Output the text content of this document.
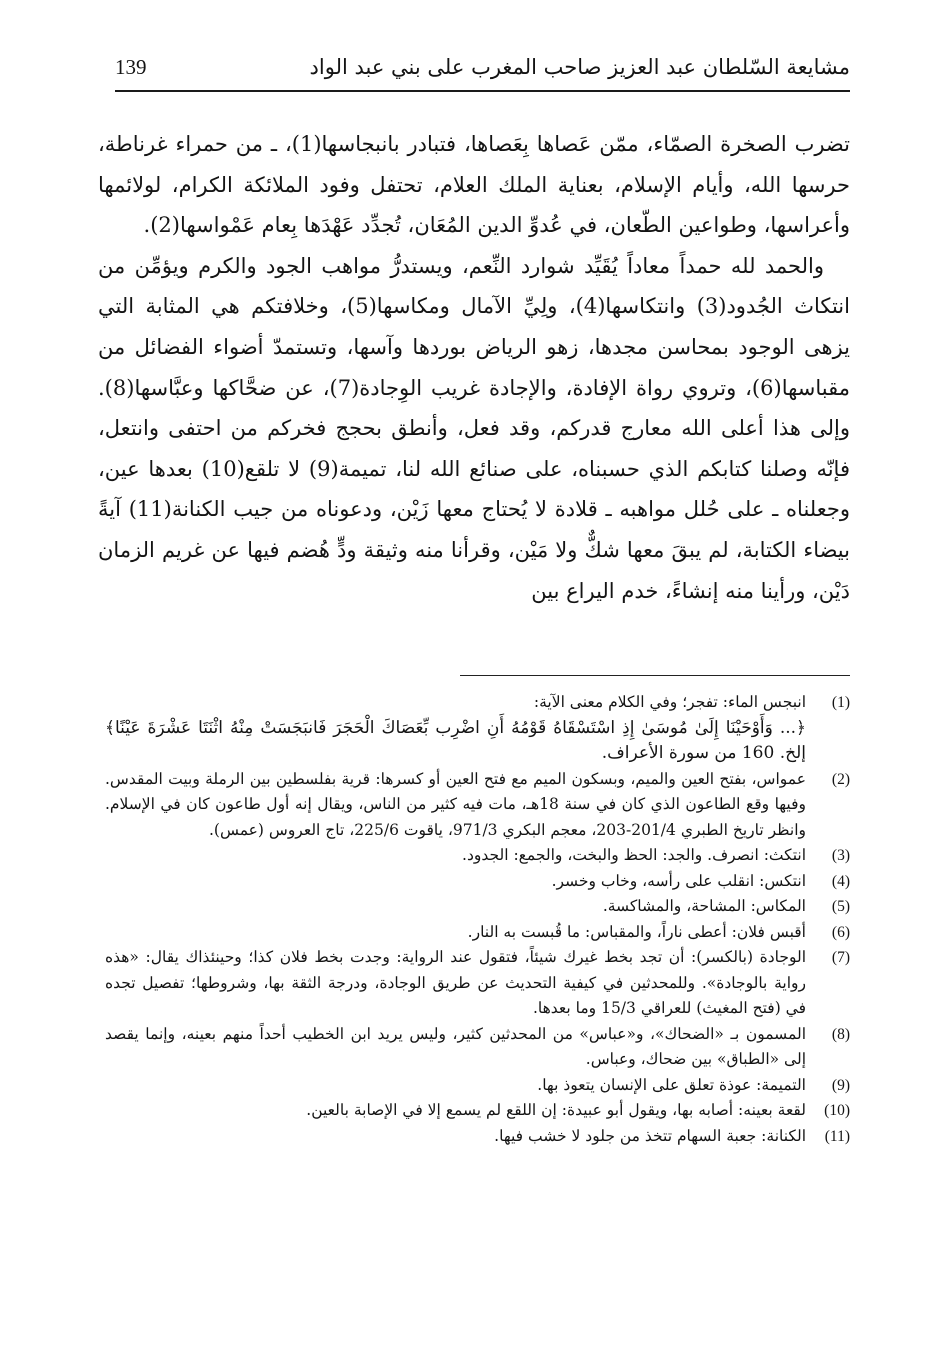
مشايعة السّلطان عبد العزيز صاحب المغرب على بني عبد الواد
139

تضرب الصخرة الصمّاء، ممّن عَصاها بِعَصاها، فتبادر بانبجاسها(1)، ـ من حمراء غرناطة، حرسها الله، وأيام الإسلام، بعناية الملك العلام، تحتفل وفود الملائكة الكرام، لولائمها وأعراسها، وطواعين الطّعان، في عُدوِّ الدين المُعَان، تُجدِّد عَهْدَها بِعام عَمْواسها(2).

والحمد لله حمداً معاداً يُقَيِّد شوارد النِّعم، ويستدرُّ مواهب الجود والكرم ويؤمِّن من انتكاث الجُدود(3) وانتكاسها(4)، ولِيِّ الآمال ومكاسها(5)، وخلافتكم هي المثابة التي يزهى الوجود بمحاسن مجدها، زهو الرياض بوردها وآسها، وتستمدّ أضواء الفضائل من مقباسها(6)، وتروي رواة الإفادة، والإجادة غريب الوِجادة(7)، عن ضحَّاكها وعبَّاسها(8). وإلى هذا أعلى الله معارج قدركم، وقد فعل، وأنطق بحجج فخركم من احتفى وانتعل، فإنّه وصلنا كتابكم الذي حسبناه، على صنائع الله لنا، تميمة(9) لا تلقع(10) بعدها عين، وجعلناه ـ على حُلل مواهبه ـ قلادة لا يُحتاج معها زَيْن، ودعوناه من جيب الكنانة(11) آيةً بيضاء الكتابة، لم يبقَ معها شكٌّ ولا مَيْن، وقرأنا منه وثيقة ودٍّ هُضم فيها عن غريم الزمان دَيْن، ورأينا منه إنشاءً، خدم اليراع بين

(1)
انبجس الماء: تفجر؛ وفي الكلام معنى الآية:
﴿... وَأَوْحَيْنَا إِلَىٰ مُوسَىٰ إِذِ اسْتَسْقَاهُ قَوْمُهُ أَنِ اضْرِب بِّعَصَاكَ الْحَجَرَ فَانبَجَسَتْ مِنْهُ اثْنَتَا عَشْرَةَ عَيْنًا﴾ إلخ. 160 من سورة الأعراف.
(2)
عمواس، بفتح العين والميم، وبسكون الميم مع فتح العين أو كسرها: قرية بفلسطين بين الرملة وبيت المقدس. وفيها وقع الطاعون الذي كان في سنة 18هـ، مات فيه كثير من الناس، ويقال إنه أول طاعون كان في الإسلام. وانظر تاريخ الطبري 201/4-203، معجم البكري 971/3، ياقوت 225/6، تاج العروس (عمس).
(3)
انتكث: انصرف. والجد: الحظ والبخت، والجمع: الجدود.
(4)
انتكس: انقلب على رأسه، وخاب وخسر.
(5)
المكاس: المشاحة، والمشاكسة.
(6)
أقبس فلان: أعطى ناراً، والمقباس: ما قُبست به النار.
(7)
الوجادة (بالكسر): أن تجد بخط غيرك شيئاً، فتقول عند الرواية: وجدت بخط فلان كذا؛ وحينئذاك يقال: «هذه رواية بالوجادة». وللمحدثين في كيفية التحديث عن طريق الوجادة، ودرجة الثقة بها، وشروطها؛ تفصيل تجده في (فتح المغيث) للعراقي 15/3 وما بعدها.
(8)
المسمون بـ «الضحاك»، و«عباس» من المحدثين كثير، وليس يريد ابن الخطيب أحداً منهم بعينه، وإنما يقصد إلى «الطباق» بين ضحاك، وعباس.
(9)
التميمة: عوذة تعلق على الإنسان يتعوذ بها.
(10)
لقعة بعينه: أصابه بها، ويقول أبو عبيدة: إن اللقع لم يسمع إلا في الإصابة بالعين.
(11)
الكنانة: جعبة السهام تتخذ من جلود لا خشب فيها.
